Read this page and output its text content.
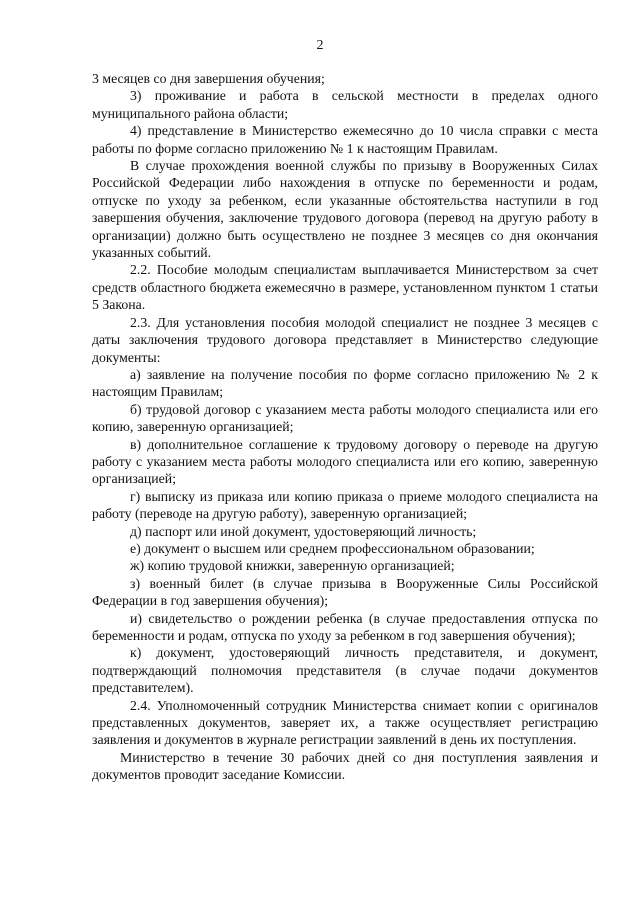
2

3 месяцев со дня завершения обучения;

3) проживание и работа в сельской местности в пределах одного муниципального района области;

4) представление в Министерство ежемесячно до 10 числа справки с места работы по форме согласно приложению № 1 к настоящим Правилам.

В случае прохождения военной службы по призыву в Вооруженных Силах Российской Федерации либо нахождения в отпуске по беременности и родам, отпуске по уходу за ребенком, если указанные обстоятельства наступили в год завершения обучения, заключение трудового договора (перевод на другую работу в организации) должно быть осуществлено не позднее 3 месяцев со дня окончания указанных событий.

2.2. Пособие молодым специалистам выплачивается Министерством за счет средств областного бюджета ежемесячно в размере, установленном пунктом 1 статьи 5 Закона.

2.3. Для установления пособия молодой специалист не позднее 3 месяцев с даты заключения трудового договора представляет в Министерство следующие документы:

а) заявление на получение пособия по форме согласно приложению № 2 к настоящим Правилам;

б) трудовой договор с указанием места работы молодого специалиста или его копию, заверенную организацией;

в) дополнительное соглашение к трудовому договору о переводе на другую работу с указанием места работы молодого специалиста или его копию, заверенную организацией;

г) выписку из приказа или копию приказа о приеме молодого специалиста на работу (переводе на другую работу), заверенную организацией;

д) паспорт или иной документ, удостоверяющий личность;

е) документ о высшем или среднем профессиональном образовании;

ж) копию трудовой книжки, заверенную организацией;

з) военный билет (в случае призыва в Вооруженные Силы Российской Федерации в год завершения обучения);

и) свидетельство о рождении ребенка (в случае предоставления отпуска по беременности и родам, отпуска по уходу за ребенком в год завершения обучения);

к) документ, удостоверяющий личность представителя, и документ, подтверждающий полномочия представителя (в случае подачи документов представителем).

2.4. Уполномоченный сотрудник Министерства снимает копии с оригиналов представленных документов, заверяет их, а также осуществляет регистрацию заявления и документов в журнале регистрации заявлений в день их поступления.

Министерство в течение 30 рабочих дней со дня поступления заявления и документов проводит заседание Комиссии.
